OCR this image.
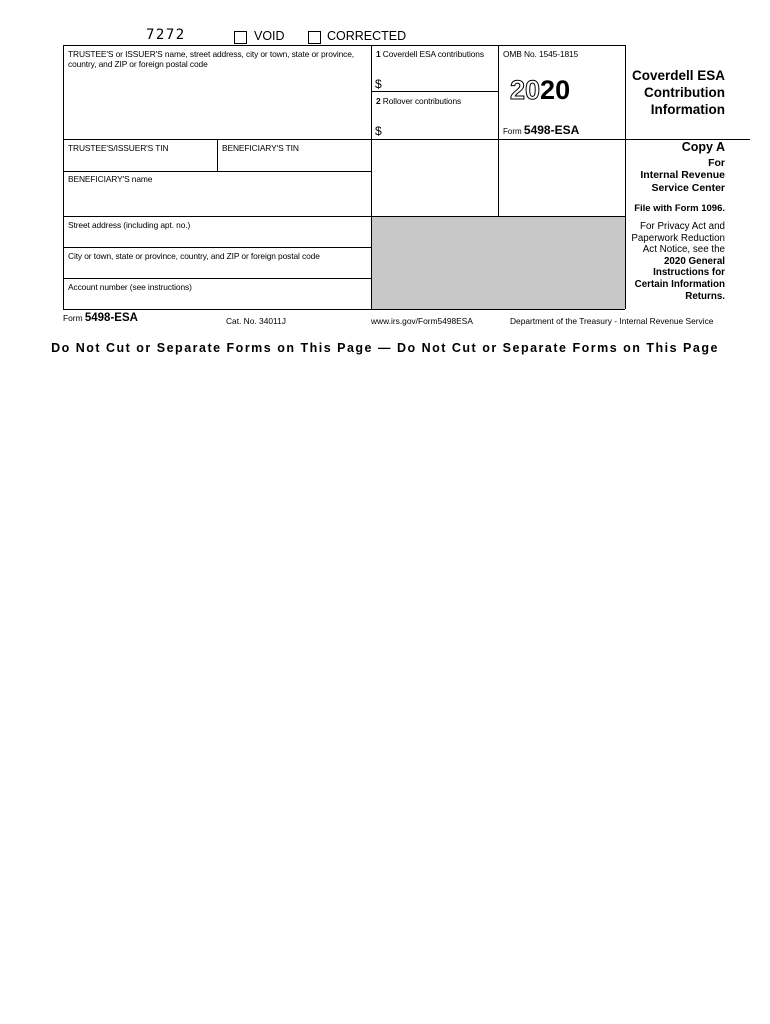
7272	VOID	CORRECTED
TRUSTEE'S or ISSUER'S name, street address, city or town, state or province, country, and ZIP or foreign postal code
1 Coverdell ESA contributions
$
2 Rollover contributions
$
OMB No. 1545-1815
2020
Form 5498-ESA
Coverdell ESA
Contribution
Information
TRUSTEE'S/ISSUER'S TIN	BENEFICIARY'S TIN
BENEFICIARY'S name
Street address (including apt. no.)
City or town, state or province, country, and ZIP or foreign postal code
Account number (see instructions)
Copy A
For
Internal Revenue
Service Center
File with Form 1096.
For Privacy Act and
Paperwork Reduction
Act Notice, see the
2020 General
Instructions for
Certain Information
Returns.
Form 5498-ESA	Cat. No. 34011J	www.irs.gov/Form5498ESA	Department of the Treasury - Internal Revenue Service
Do Not Cut or Separate Forms on This Page — Do Not Cut or Separate Forms on This Page
